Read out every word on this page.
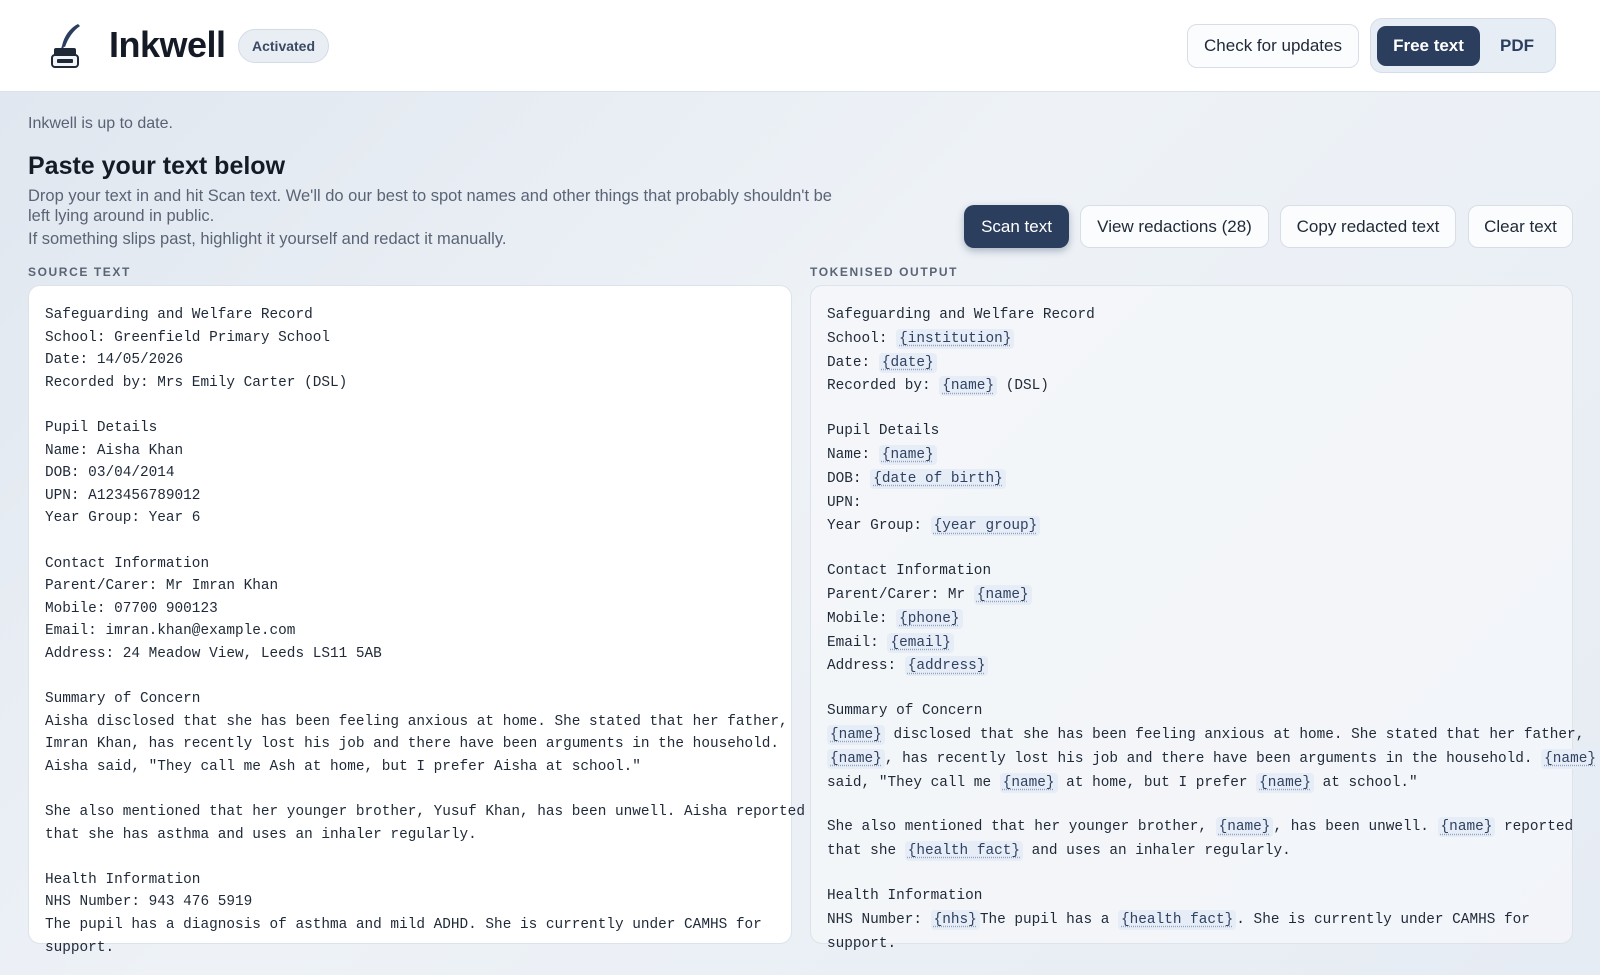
Inkwell	Activated	Check for updates	Free text	PDF
Inkwell is up to date.
Paste your text below
Drop your text in and hit Scan text. We'll do our best to spot names and other things that probably shouldn't be left lying around in public.
If something slips past, highlight it yourself and redact it manually.
Scan text	View redactions (28)	Copy redacted text	Clear text
SOURCE TEXT	TOKENISED OUTPUT
Safeguarding and Welfare Record
School: Greenfield Primary School
Date: 14/05/2026
Recorded by: Mrs Emily Carter (DSL)
Pupil Details
Name: Aisha Khan
DOB: 03/04/2014
UPN: A123456789012
Year Group: Year 6
Contact Information
Parent/Carer: Mr Imran Khan
Mobile: 07700 900123
Email: imran.khan@example.com
Address: 24 Meadow View, Leeds LS11 5AB
Summary of Concern
Aisha disclosed that she has been feeling anxious at home. She stated that her father,
Imran Khan, has recently lost his job and there have been arguments in the household.
Aisha said, "They call me Ash at home, but I prefer Aisha at school."
She also mentioned that her younger brother, Yusuf Khan, has been unwell. Aisha reported
that she has asthma and uses an inhaler regularly.
Health Information
NHS Number: 943 476 5919
The pupil has a diagnosis of asthma and mild ADHD. She is currently under CAMHS for
support.
Safeguarding and Welfare Record
School: {institution}
Date: {date}
Recorded by: {name} (DSL)
Pupil Details
Name: {name}
DOB: {date of birth}
UPN:
Year Group: {year group}
Contact Information
Parent/Carer: Mr {name}
Mobile: {phone}
Email: {email}
Address: {address}
Summary of Concern
{name} disclosed that she has been feeling anxious at home. She stated that her father,
{name} , has recently lost his job and there have been arguments in the household. {name}
said, "They call me {name} at home, but I prefer {name} at school."
She also mentioned that her younger brother, {name} , has been unwell. {name} reported
that she {health fact} and uses an inhaler regularly.
Health Information
NHS Number: {nhs} The pupil has a {health fact} . She is currently under CAMHS for
support.
